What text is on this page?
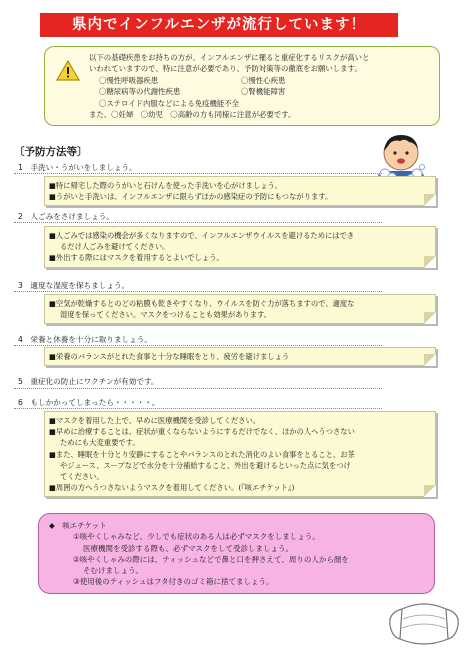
県内でインフルエンザが流行しています！
以下の基礎疾患をお持ちの方が、インフルエンザに罹ると重症化するリスクが高いと
いわれていますので、特に注意が必要であり、予防対策等の徹底をお願いします。
〇慢性呼吸器疾患	〇慢性心疾患
〇糖尿病等の代謝性疾患	〇腎機能障害
〇ステロイド内服などによる免疫機能不全
また、〇妊婦　〇幼児　〇高齢の方も同様に注意が必要です。
〔予防方法等〕
1　手洗い・うがいをしましょう。

■特に帰宅した際のうがいと石けんを使った手洗いを心がけましょう。

■うがいと手洗いは、インフルエンザに限らずほかの感染症の予防にもつながります。

2　人ごみをさけましょう。

■人ごみでは感染の機会が多くなりますので、インフルエンザウイルスを避けるためにはでき

るだけ人ごみを避けてください。

■外出する際にはマスクを着用するとよいでしょう。

3　適度な湿度を保ちましょう。

■空気が乾燥するとのどの粘膜も乾きやすくなり、ウイルスを防ぐ力が落ちますので、適度な

湿度を保ってください。マスクをつけることも効果があります。

4　栄養と休養を十分に取りましょう。

■栄養のバランスがとれた食事と十分な睡眠をとり、疲労を避けましょう

5　重症化の防止にワクチンが有効です。
6　もしかかってしまったら・・・・・。

■マスクを着用した上で、早めに医療機関を受診してください。

■早めに治療することは、症状が重くならないようにするだけでなく、ほかの人へうつさない

ためにも大変重要です。

■また、睡眠を十分とり安静にすることやバランスのとれた消化のよい食事をとること、お茶

やジュース、スープなどで水分を十分補給すること、外出を避けるといった点に気をつけ

てください。

■周囲の方へうつさないようマスクを着用してください。(『咳エチケット』)

◆　咳エチケット

①咳やくしゃみなど、少しでも症状のある人は必ずマスクをしましょう。

医療機関を受診する際も、必ずマスクをして受診しましょう。

②咳やくしゃみの際には、ティッシュなどで鼻と口を押さえて、周りの人から顔を

そむけましょう。

③使用後のティッシュはフタ付きのゴミ箱に捨てましょう。
